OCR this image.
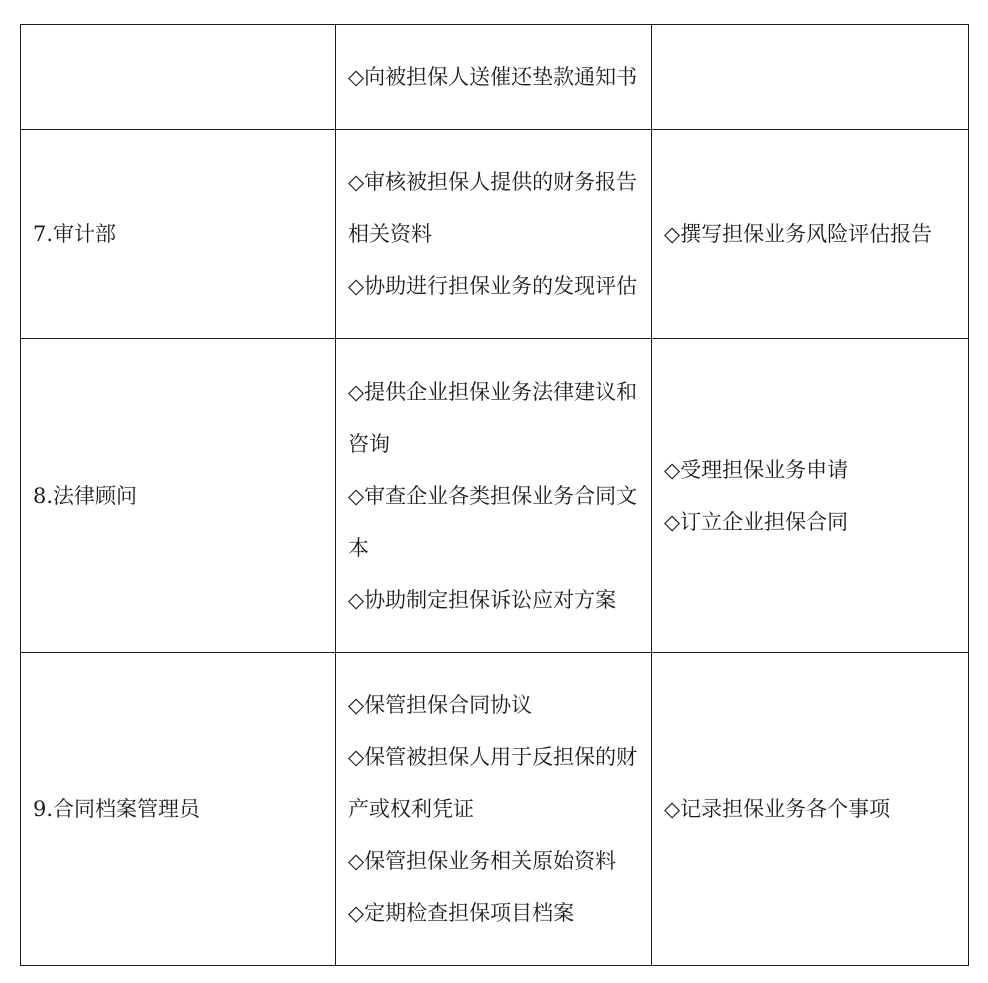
	◇向被担保人送催还垫款通知书	

7.审计部	◇审核被担保人提供的财务报告相关资料
◇协助进行担保业务的发现评估	◇撰写担保业务风险评估报告

8.法律顾问	◇提供企业担保业务法律建议和咨询
◇审查企业各类担保业务合同文本
◇协助制定担保诉讼应对方案	◇受理担保业务申请
◇订立企业担保合同

9.合同档案管理员	◇保管担保合同协议
◇保管被担保人用于反担保的财产或权利凭证
◇保管担保业务相关原始资料
◇定期检查担保项目档案	◇记录担保业务各个事项
